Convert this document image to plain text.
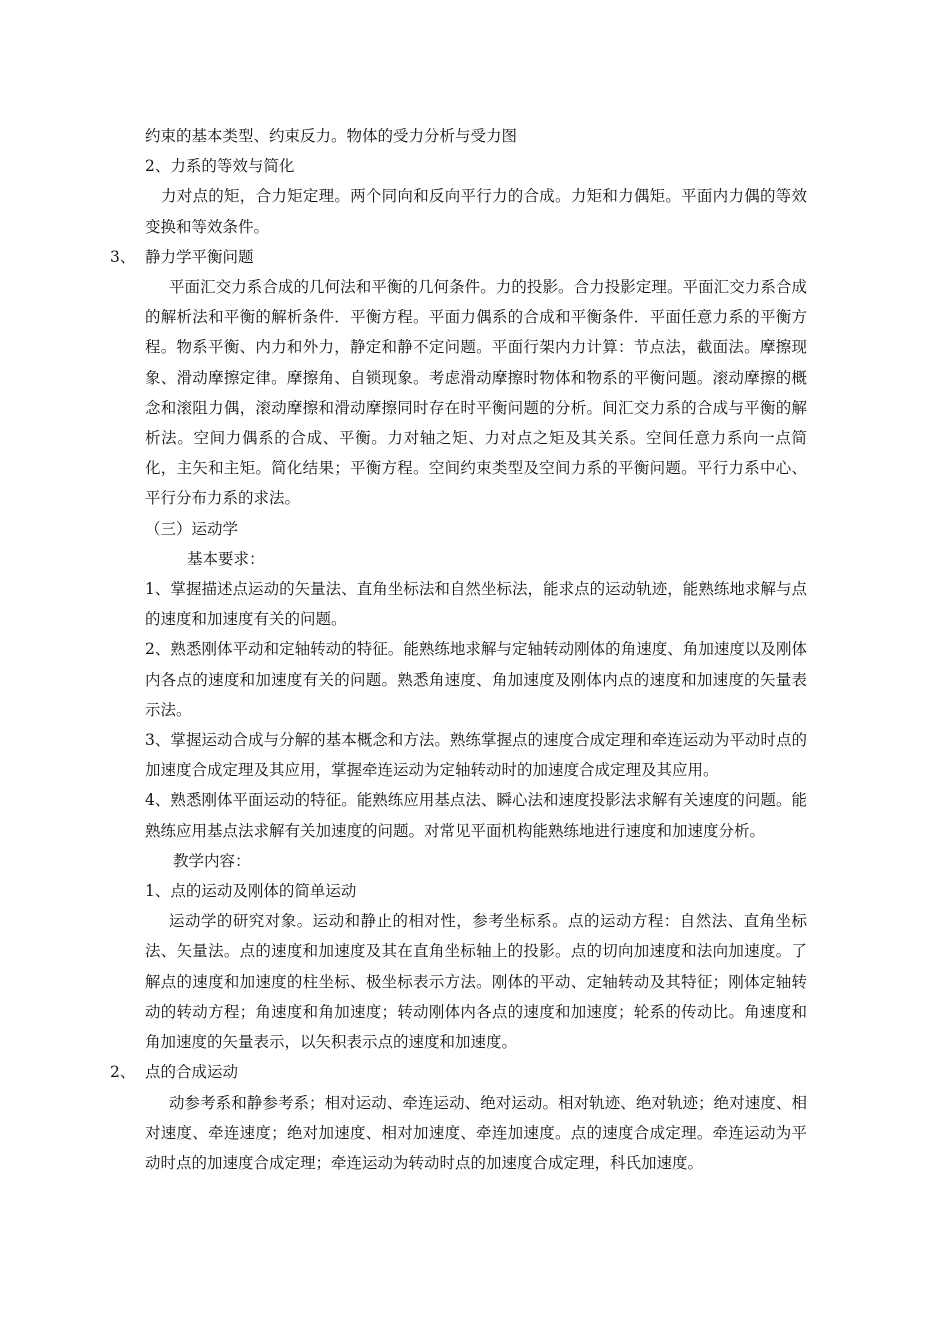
约束的基本类型、约束反力。物体的受力分析与受力图

2、力系的等效与简化

力对点的矩，合力矩定理。两个同向和反向平行力的合成。力矩和力偶矩。平面内力偶的等效变换和等效条件。

3、 静力学平衡问题

平面汇交力系合成的几何法和平衡的几何条件。力的投影。合力投影定理。平面汇交力系合成的解析法和平衡的解析条件．平衡方程。平面力偶系的合成和平衡条件．平面任意力系的平衡方程。物系平衡、内力和外力，静定和静不定问题。平面行架内力计算：节点法，截面法。摩擦现象、滑动摩擦定律。摩擦角、自锁现象。考虑滑动摩擦时物体和物系的平衡问题。滚动摩擦的概念和滚阻力偶，滚动摩擦和滑动摩擦同时存在时平衡问题的分析。间汇交力系的合成与平衡的解析法。空间力偶系的合成、平衡。力对轴之矩、力对点之矩及其关系。空间任意力系向一点简化，主矢和主矩。简化结果；平衡方程。空间约束类型及空间力系的平衡问题。平行力系中心、平行分布力系的求法。

（三）运动学

基本要求：

1、掌握描述点运动的矢量法、直角坐标法和自然坐标法，能求点的运动轨迹，能熟练地求解与点的速度和加速度有关的问题。

2、熟悉刚体平动和定轴转动的特征。能熟练地求解与定轴转动刚体的角速度、角加速度以及刚体内各点的速度和加速度有关的问题。熟悉角速度、角加速度及刚体内点的速度和加速度的矢量表示法。

3、掌握运动合成与分解的基本概念和方法。熟练掌握点的速度合成定理和牵连运动为平动时点的加速度合成定理及其应用，掌握牵连运动为定轴转动时的加速度合成定理及其应用。

4、熟悉刚体平面运动的特征。能熟练应用基点法、瞬心法和速度投影法求解有关速度的问题。能熟练应用基点法求解有关加速度的问题。对常见平面机构能熟练地进行速度和加速度分析。

教学内容：

1、点的运动及刚体的简单运动

运动学的研究对象。运动和静止的相对性，参考坐标系。点的运动方程：自然法、直角坐标法、矢量法。点的速度和加速度及其在直角坐标轴上的投影。点的切向加速度和法向加速度。了解点的速度和加速度的柱坐标、极坐标表示方法。刚体的平动、定轴转动及其特征；刚体定轴转动的转动方程；角速度和角加速度；转动刚体内各点的速度和加速度；轮系的传动比。角速度和角加速度的矢量表示，以矢积表示点的速度和加速度。

2、 点的合成运动

动参考系和静参考系；相对运动、牵连运动、绝对运动。相对轨迹、绝对轨迹；绝对速度、相对速度、牵连速度；绝对加速度、相对加速度、牵连加速度。点的速度合成定理。牵连运动为平动时点的加速度合成定理；牵连运动为转动时点的加速度合成定理，科氏加速度。
